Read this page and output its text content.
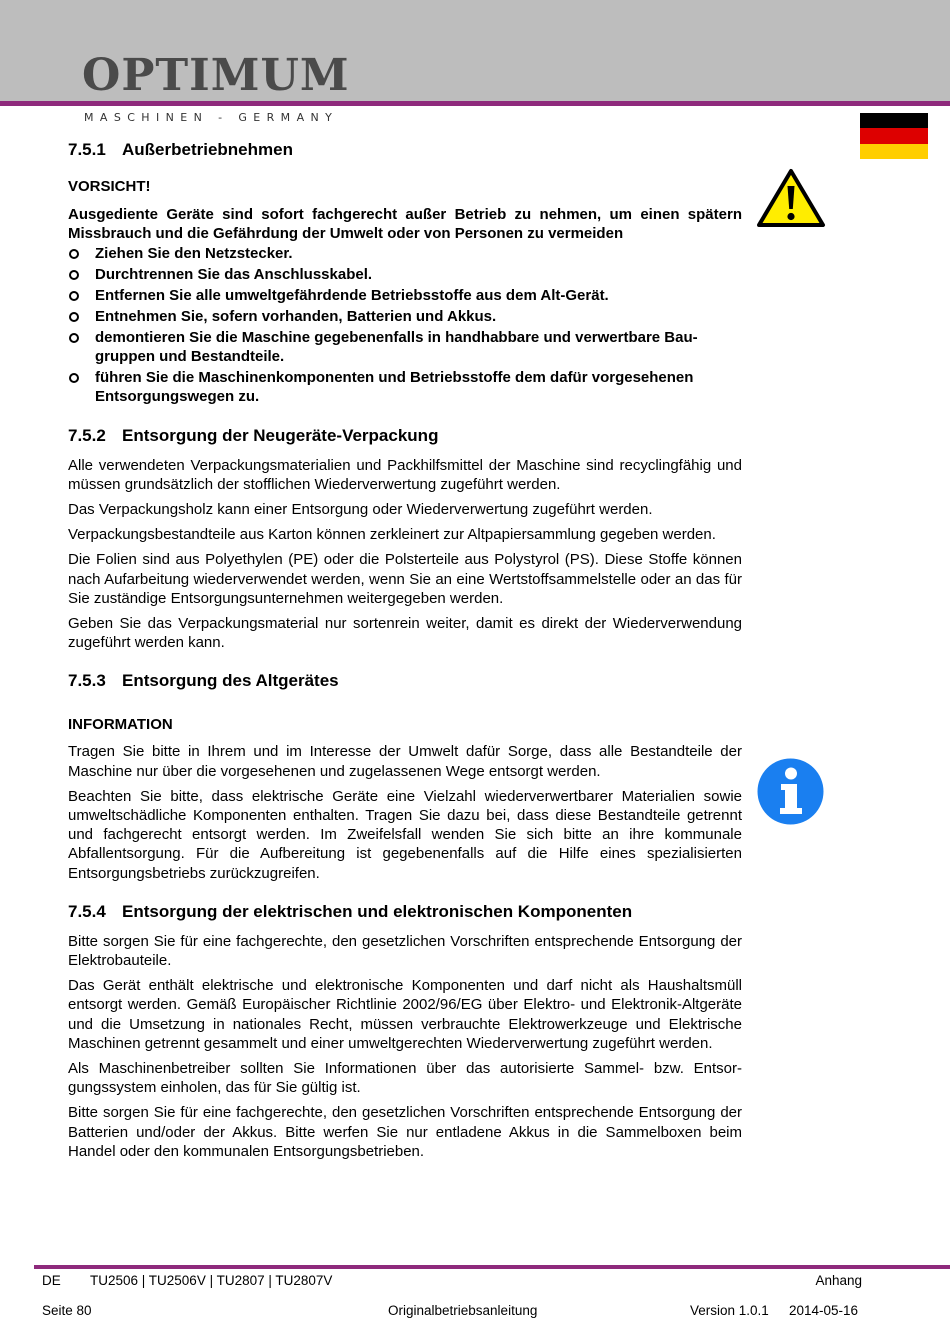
OPTIMUM
MASCHINEN - GERMANY
7.5.1 Außerbetriebnehmen
VORSICHT!

Ausgediente Geräte sind sofort fachgerecht außer Betrieb zu nehmen, um einen spätern Missbrauch und die Gefährdung der Umwelt oder von Personen zu vermeiden

Ziehen Sie den Netzstecker.
Durchtrennen Sie das Anschlusskabel.
Entfernen Sie alle umweltgefährdende Betriebsstoffe aus dem Alt-Gerät.
Entnehmen Sie, sofern vorhanden, Batterien und Akkus.
demontieren Sie die Maschine gegebenenfalls in handhabbare und verwertbare Baugruppen und Bestandteile.
führen Sie die Maschinenkomponenten und Betriebsstoffe dem dafür vorgesehenen Entsorgungswegen zu.
7.5.2 Entsorgung der Neugeräte-Verpackung

Alle verwendeten Verpackungsmaterialien und Packhilfsmittel der Maschine sind recyclingfähig und müssen grundsätzlich der stofflichen Wiederverwertung zugeführt werden.

Das Verpackungsholz kann einer Entsorgung oder Wiederverwertung zugeführt werden.

Verpackungsbestandteile aus Karton können zerkleinert zur Altpapiersammlung gegeben werden.

Die Folien sind aus Polyethylen (PE) oder die Polsterteile aus Polystyrol (PS). Diese Stoffe können nach Aufarbeitung wiederverwendet werden, wenn Sie an eine Wertstoffsammelstelle oder an das für Sie zuständige Entsorgungsunternehmen weitergegeben werden.

Geben Sie das Verpackungsmaterial nur sortenrein weiter, damit es direkt der Wiederverwendung zugeführt werden kann.

7.5.3 Entsorgung des Altgerätes
INFORMATION

Tragen Sie bitte in Ihrem und im Interesse der Umwelt dafür Sorge, dass alle Bestandteile der Maschine nur über die vorgesehenen und zugelassenen Wege entsorgt werden.

Beachten Sie bitte, dass elektrische Geräte eine Vielzahl wiederverwertbarer Materialien sowie umweltschädliche Komponenten enthalten. Tragen Sie dazu bei, dass diese Bestandteile getrennt und fachgerecht entsorgt werden. Im Zweifelsfall wenden Sie sich bitte an ihre kommunale Abfallentsorgung. Für die Aufbereitung ist gegebenenfalls auf die Hilfe eines spezialisierten Entsorgungsbetriebs zurückzugreifen.

7.5.4 Entsorgung der elektrischen und elektronischen Komponenten

Bitte sorgen Sie für eine fachgerechte, den gesetzlichen Vorschriften entsprechende Entsorgung der Elektrobauteile.

Das Gerät enthält elektrische und elektronische Komponenten und darf nicht als Haushaltsmüll entsorgt werden. Gemäß Europäischer Richtlinie 2002/96/EG über Elektro- und Elektronik-Altgeräte und die Umsetzung in nationales Recht, müssen verbrauchte Elektrowerkzeuge und Elektrische Maschinen getrennt gesammelt und einer umweltgerechten Wiederverwertung zugeführt werden.

Als Maschinenbetreiber sollten Sie Informationen über das autorisierte Sammel- bzw. Entsorgungssystem einholen, das für Sie gültig ist.

Bitte sorgen Sie für eine fachgerechte, den gesetzlichen Vorschriften entsprechende Entsorgung der Batterien und/oder der Akkus. Bitte werfen Sie nur entladene Akkus in die Sammelboxen beim Handel oder den kommunalen Entsorgungsbetrieben.

DE TU2506 | TU2506V | TU2807 | TU2807V	Anhang
Seite 80	Originalbetriebsanleitung	Version 1.0.1 2014-05-16
